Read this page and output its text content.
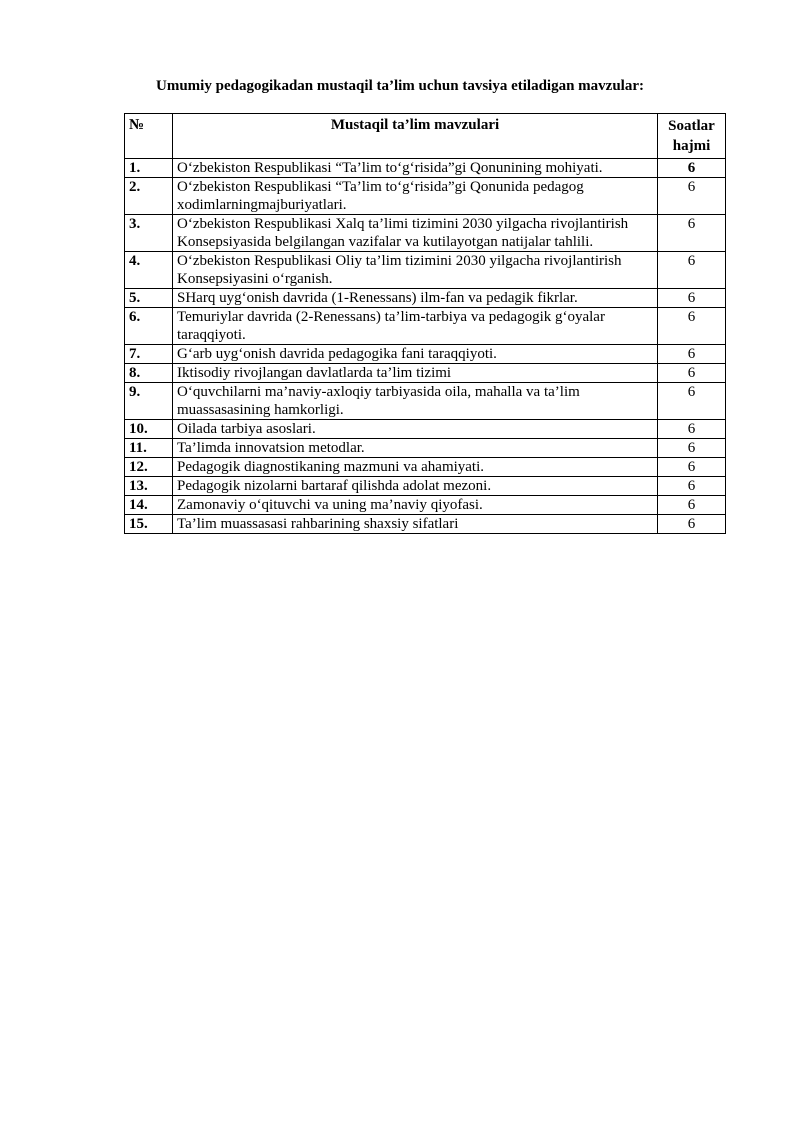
Umumiy pedagogikadan mustaqil ta’lim uchun tavsiya etiladigan mavzular:
№	Mustaqil ta’lim mavzulari	Soatlar
hajmi
1.	O‘zbekiston Respublikasi “Ta’lim to‘g‘risida”gi Qonunining mohiyati.	6
2.	O‘zbekiston Respublikasi “Ta’lim to‘g‘risida”gi Qonunida pedagog xodimlarningmajburiyatlari.	6
3.	O‘zbekiston Respublikasi Xalq ta’limi tizimini 2030 yilgacha rivojlantirish Konsepsiyasida belgilangan vazifalar va kutilayotgan natijalar tahlili.	6
4.	O‘zbekiston Respublikasi Oliy ta’lim tizimini 2030 yilgacha rivojlantirish Konsepsiyasini o‘rganish.	6
5.	SHarq uyg‘onish davrida (1-Renessans) ilm-fan va pedagik fikrlar.	6
6.	Temuriylar davrida (2-Renessans) ta’lim-tarbiya va pedagogik g‘oyalar taraqqiyoti.	6
7.	G‘arb uyg‘onish davrida pedagogika fani taraqqiyoti.	6
8.	Iktisodiy rivojlangan davlatlarda ta’lim tizimi	6
9.	O‘quvchilarni ma’naviy-axloqiy tarbiyasida oila, mahalla va ta’lim muassasasining hamkorligi.	6
10.	Oilada tarbiya asoslari.	6
11.	Ta’limda innovatsion metodlar.	6
12.	Pedagogik diagnostikaning mazmuni va ahamiyati.	6
13.	Pedagogik nizolarni bartaraf qilishda adolat mezoni.	6
14.	Zamonaviy o‘qituvchi va uning ma’naviy qiyofasi.	6
15.	Ta’lim muassasasi rahbarining shaxsiy sifatlari	6
